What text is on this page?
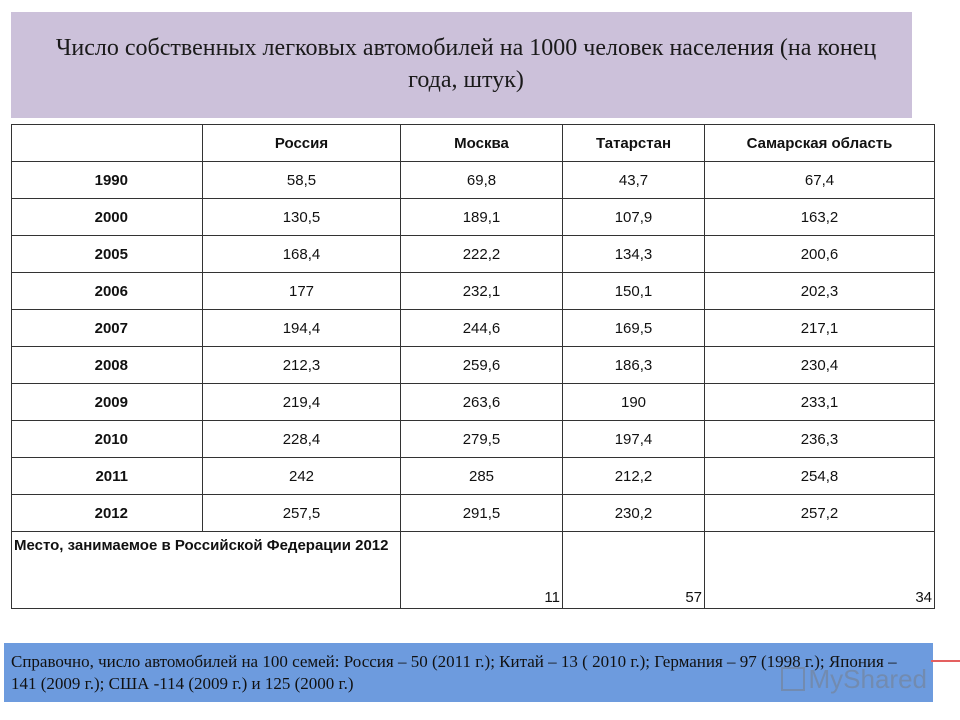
Число собственных легковых автомобилей на 1000 человек населения (на конец года, штук)
	Россия	Москва	Татарстан	Самарская область
1990	58,5	69,8	43,7	67,4
2000	130,5	189,1	107,9	163,2
2005	168,4	222,2	134,3	200,6
2006	177	232,1	150,1	202,3
2007	194,4	244,6	169,5	217,1
2008	212,3	259,6	186,3	230,4
2009	219,4	263,6	190	233,1
2010	228,4	279,5	197,4	236,3
2011	242	285	212,2	254,8
2012	257,5	291,5	230,2	257,2
Место, занимаемое в Российской Федерации 2012		11	57	34
Справочно, число автомобилей на 100 семей: Россия – 50 (2011 г.); Китай – 13 ( 2010 г.); Германия – 97 (1998 г.); Япония – 141 (2009 г.); США -114 (2009 г.) и 125 (2000 г.)	MyShared
